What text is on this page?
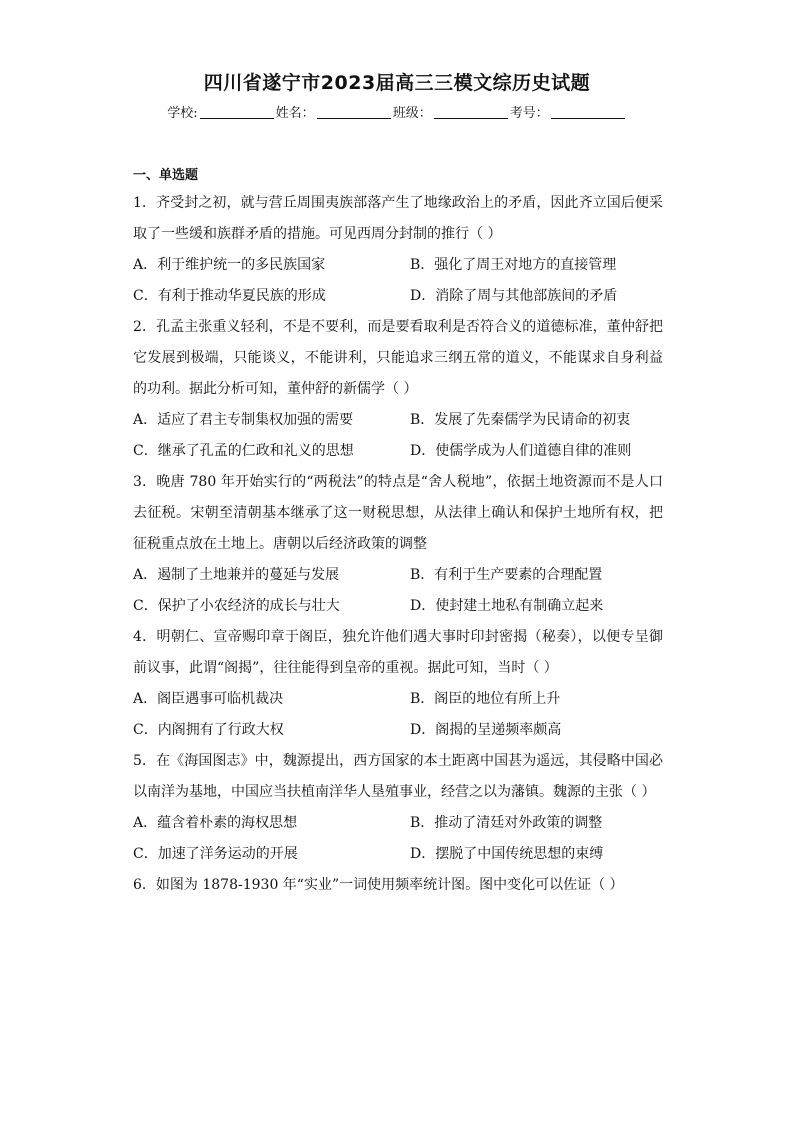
四川省遂宁市2023届高三三模文综历史试题
学校:	姓名：	班级：	考号：
一、单选题
1．齐受封之初，就与营丘周围夷族部落产生了地缘政治上的矛盾，因此齐立国后便采取了一些缓和族群矛盾的措施。可见西周分封制的推行（ ）
A．利于维护统一的多民族国家	B．强化了周王对地方的直接管理
C．有利于推动华夏民族的形成	D．消除了周与其他部族间的矛盾
2．孔孟主张重义轻利，不是不要利，而是要看取利是否符合义的道德标准，董仲舒把它发展到极端，只能谈义，不能讲利，只能追求三纲五常的道义，不能谋求自身利益的功利。据此分析可知，董仲舒的新儒学（ ）
A．适应了君主专制集权加强的需要	B．发展了先秦儒学为民请命的初衷
C．继承了孔孟的仁政和礼义的思想	D．使儒学成为人们道德自律的准则
3．晚唐 780 年开始实行的“两税法”的特点是“舍人税地”，依据土地资源而不是人口去征税。宋朝至清朝基本继承了这一财税思想，从法律上确认和保护土地所有权，把征税重点放在土地上。唐朝以后经济政策的调整
A．遏制了土地兼并的蔓延与发展	B．有利于生产要素的合理配置
C．保护了小农经济的成长与壮大	D．使封建土地私有制确立起来
4．明朝仁、宣帝赐印章于阁臣，独允许他们遇大事时印封密揭（秘奏），以便专呈御前议事，此谓“阁揭”，往往能得到皇帝的重视。据此可知，当时（ ）
A．阁臣遇事可临机裁决	B．阁臣的地位有所上升
C．内阁拥有了行政大权	D．阁揭的呈递频率颇高
5．在《海国图志》中，魏源提出，西方国家的本土距离中国甚为遥远，其侵略中国必以南洋为基地，中国应当扶植南洋华人垦殖事业，经营之以为藩镇。魏源的主张（ ）
A．蕴含着朴素的海权思想	B．推动了清廷对外政策的调整
C．加速了洋务运动的开展	D．摆脱了中国传统思想的束缚
6．如图为 1878-1930 年“实业”一词使用频率统计图。图中变化可以佐证（ ）
